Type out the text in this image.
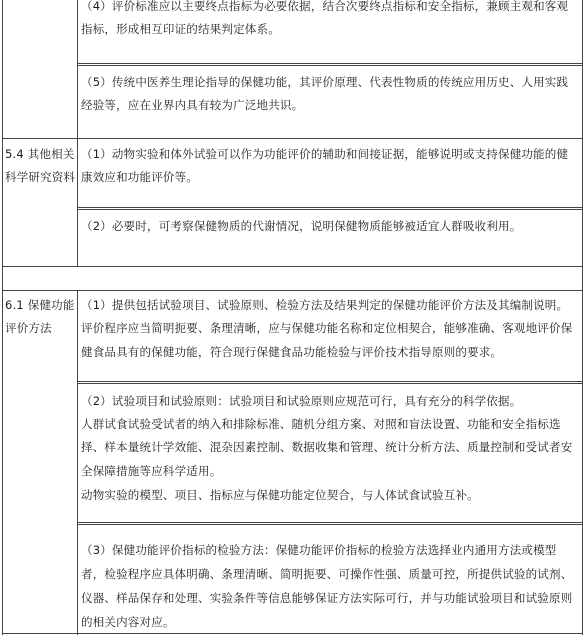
（4）评价标准应以主要终点指标为必要依据，结合次要终点指标和安全指标，兼顾主观和客观
指标，形成相互印证的结果判定体系。
（5）传统中医养生理论指导的保健功能，其评价原理、代表性物质的传统应用历史、人用实践
经验等，应在业界内具有较为广泛地共识。
5.4 其他相关
科学研究资料
（1）动物实验和体外试验可以作为功能评价的辅助和间接证据，能够说明或支持保健功能的健
康效应和功能评价等。
（2）必要时，可考察保健物质的代谢情况，说明保健物质能够被适宜人群吸收利用。
6.1 保健功能
评价方法
（1）提供包括试验项目、试验原则、检验方法及结果判定的保健功能评价方法及其编制说明。
评价程序应当简明扼要、条理清晰，应与保健功能名称和定位相契合，能够准确、客观地评价保
健食品具有的保健功能，符合现行保健食品功能检验与评价技术指导原则的要求。
（2）试验项目和试验原则：试验项目和试验原则应规范可行，具有充分的科学依据。
人群试食试验受试者的纳入和排除标准、随机分组方案、对照和盲法设置、功能和安全指标选
择、样本量统计学效能、混杂因素控制、数据收集和管理、统计分析方法、质量控制和受试者安
全保障措施等应科学适用。
动物实验的模型、项目、指标应与保健功能定位契合，与人体试食试验互补。
（3）保健功能评价指标的检验方法：保健功能评价指标的检验方法选择业内通用方法或模型
者，检验程序应具体明确、条理清晰、简明扼要、可操作性强、质量可控，所提供试验的试剂、
仪器、样品保存和处理、实验条件等信息能够保证方法实际可行，并与功能试验项目和试验原则
的相关内容对应。
